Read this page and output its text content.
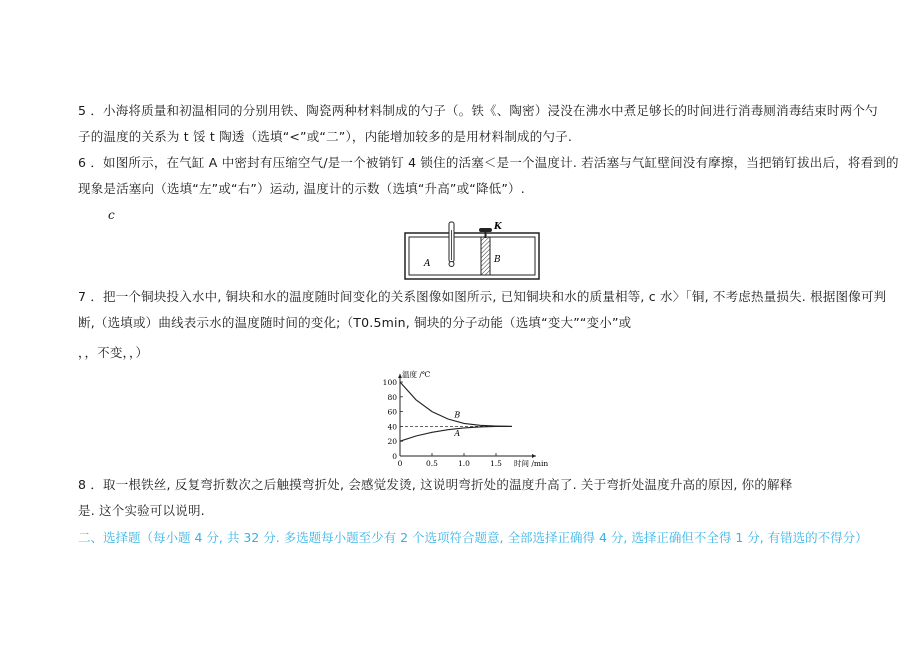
5 ．小海将质量和初温相同的分别用铁、陶瓷两种材料制成的勺子（。铁《、陶密）浸没在沸水中煮足够长的时间进行消毒厕消毒结束时两个勺
子的温度的关系为 t 馁 t 陶透（选填“<”或“二”），内能增加较多的是用材料制成的勺子.
6 ．如图所示，在气缸 A 中密封有压缩空气/是一个被销钉 4 锁住的活塞＜是一个温度计. 若活塞与气缸壁间没有摩擦，当把销钉拔出后，将看到的
现象是活塞向（选填“左”或“右”）运动, 温度计的示数（选填“升高”或“降低”）.
c
K
A	B
7 ．把一个铜块投入水中, 铜块和水的温度随时间变化的关系图像如图所示, 已知铜块和水的质量相等, c 水〉「铜, 不考虑热量损失. 根据图像可判
断,（选填或）曲线表示水的温度随时间的变化;（T0.5min, 铜块的分子动能（选填“变大”“变小”或
，，不变，，）
0
20
40
60
80
100
0	0.5	1.0	1.5
温度 /℃
时间 /min
B
A
8 ．取一根铁丝, 反复弯折数次之后触摸弯折处, 会感觉发烫, 这说明弯折处的温度升高了. 关于弯折处温度升高的原因, 你的解释
是. 这个实验可以说明.
二、选择题（每小题 4 分, 共 32 分. 多选题每小题至少有 2 个选项符合题意, 全部选择正确得 4 分, 选择正确但不全得 1 分, 有错选的不得分）
